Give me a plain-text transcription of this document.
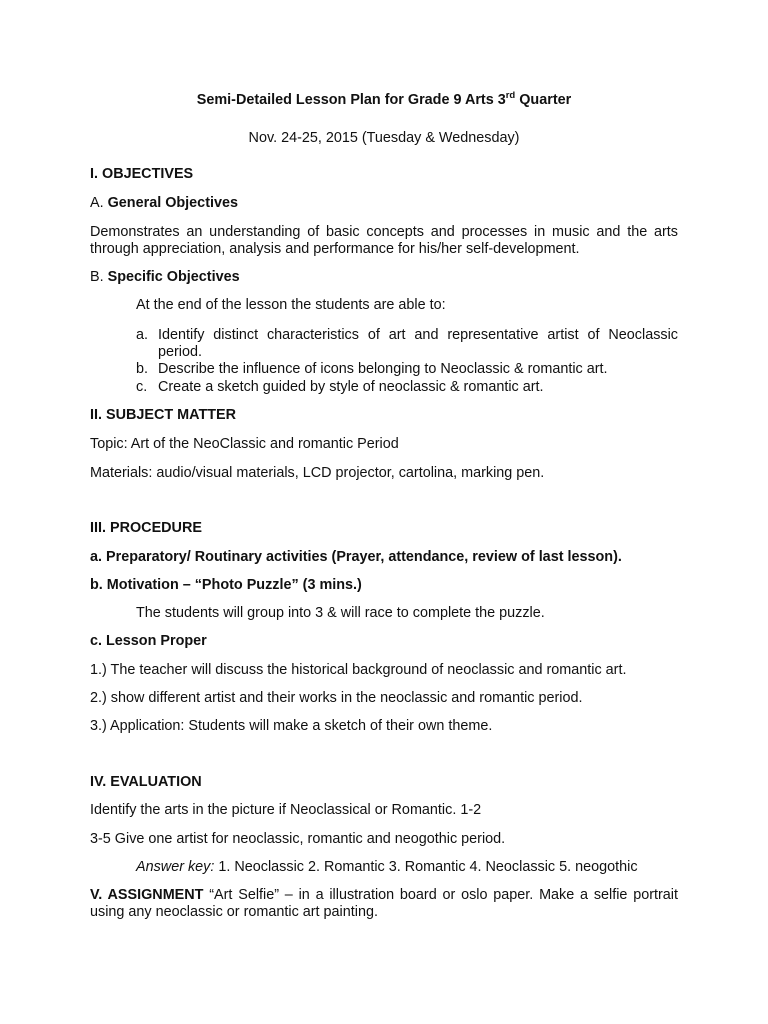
Semi-Detailed Lesson Plan for Grade 9 Arts 3rd Quarter
Nov. 24-25, 2015 (Tuesday & Wednesday)
I. OBJECTIVES
A. General Objectives
Demonstrates an understanding of basic concepts and processes in music and the arts through appreciation, analysis and performance for his/her self-development.
B. Specific Objectives
At the end of the lesson the students are able to:
a. Identify distinct characteristics of art and representative artist of Neoclassic period.
b. Describe the influence of icons belonging to Neoclassic & romantic art.
c. Create a sketch guided by style of neoclassic & romantic art.
II. SUBJECT MATTER
Topic: Art of the NeoClassic and romantic Period
Materials: audio/visual materials, LCD projector, cartolina, marking pen.
III. PROCEDURE
a. Preparatory/ Routinary activities (Prayer, attendance, review of last lesson).
b. Motivation – “Photo Puzzle” (3 mins.)
The students will group into 3 & will race to complete the puzzle.
c. Lesson Proper
1.) The teacher will discuss the historical background of neoclassic and romantic art.
2.) show different artist and their works in the neoclassic and romantic period.
3.) Application: Students will make a sketch of their own theme.
IV. EVALUATION
Identify the arts in the picture if Neoclassical or Romantic. 1-2
3-5 Give one artist for neoclassic, romantic and neogothic period.
Answer key: 1. Neoclassic 2. Romantic 3. Romantic 4. Neoclassic 5. neogothic
V. ASSIGNMENT “Art Selfie” – in a illustration board or oslo paper. Make a selfie portrait using any neoclassic or romantic art painting.
